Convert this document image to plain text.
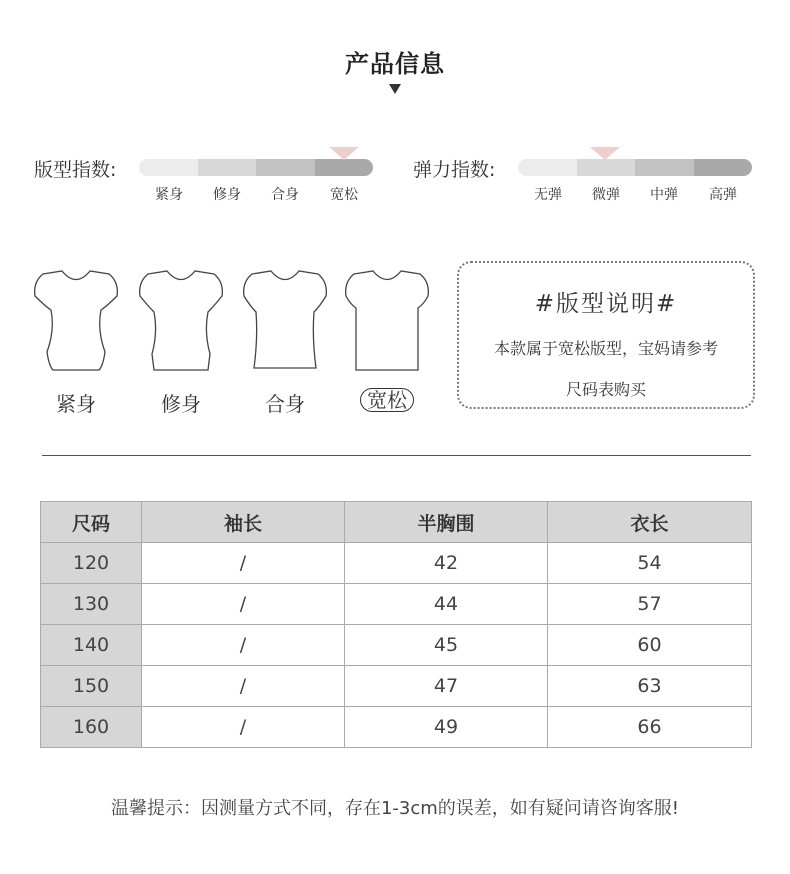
产品信息
版型指数:
紧身	修身	合身	宽松
弹力指数:
无弹	微弹	中弹	高弹
紧身	修身	合身	宽松
#版型说明#
本款属于宽松版型，宝妈请参考
尺码表购买
尺码	袖长	半胸围	衣长
120	/	42	54
130	/	44	57
140	/	45	60
150	/	47	63
160	/	49	66
温馨提示：因测量方式不同，存在1-3cm的误差，如有疑问请咨询客服!
